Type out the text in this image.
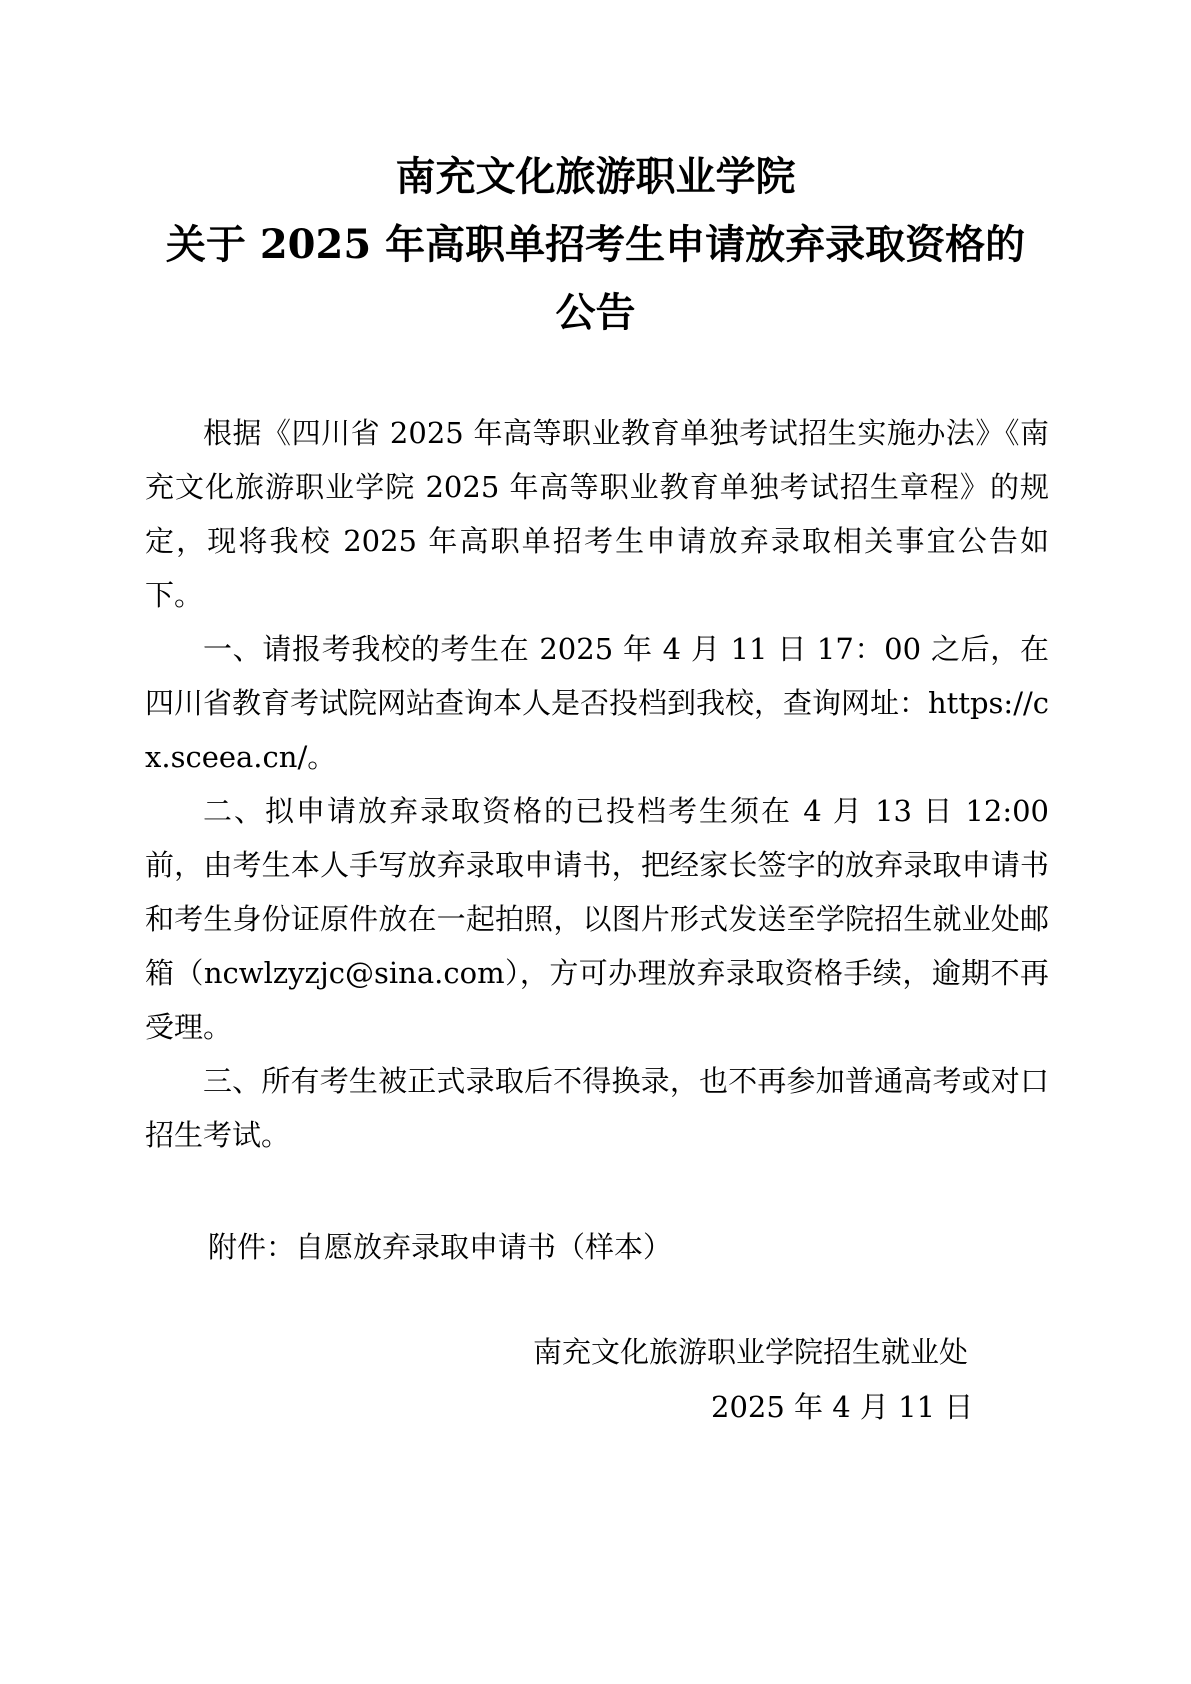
南充文化旅游职业学院
关于 2025 年高职单招考生申请放弃录取资格的
公告

根据《四川省 2025 年高等职业教育单独考试招生实施办法》《南充文化旅游职业学院 2025 年高等职业教育单独考试招生章程》的规定，现将我校 2025 年高职单招考生申请放弃录取相关事宜公告如下。

一、请报考我校的考生在 2025 年 4 月 11 日 17：00 之后，在四川省教育考试院网站查询本人是否投档到我校，查询网址：https://cx.sceea.cn/。

二、拟申请放弃录取资格的已投档考生须在 4 月 13 日 12:00 前，由考生本人手写放弃录取申请书，把经家长签字的放弃录取申请书和考生身份证原件放在一起拍照，以图片形式发送至学院招生就业处邮箱（ncwlzyzjc@sina.com），方可办理放弃录取资格手续，逾期不再受理。

三、所有考生被正式录取后不得换录，也不再参加普通高考或对口招生考试。

附件：自愿放弃录取申请书（样本）
南充文化旅游职业学院招生就业处
2025 年 4 月 11 日
